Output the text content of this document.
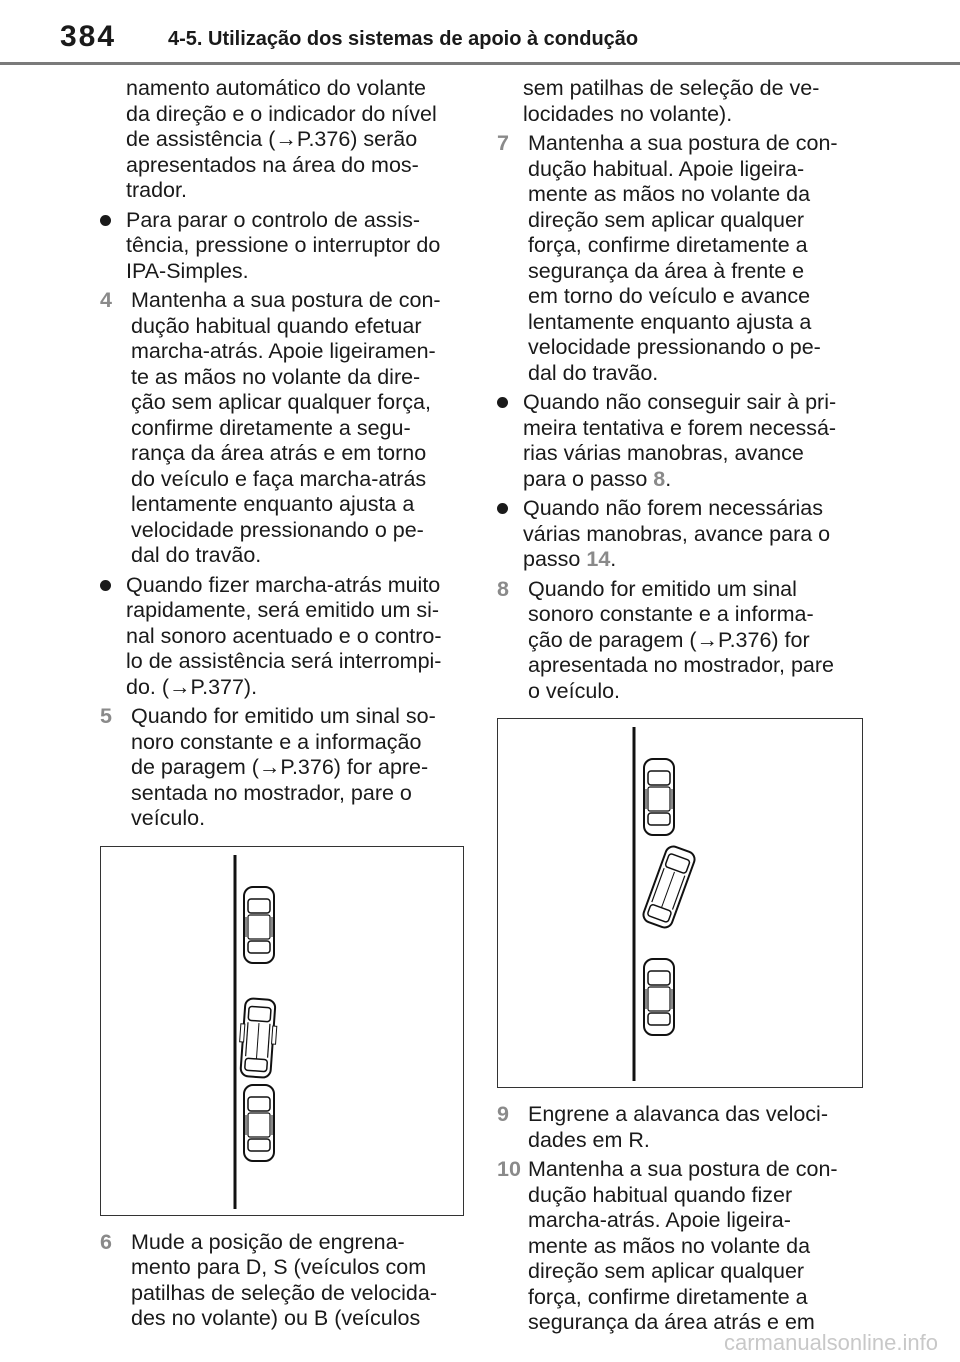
384	4-5. Utilização dos sistemas de apoio à condução
namento automático do volante
da direção e o indicador do nível
de assistência (→P.376) serão
apresentados na área do mos-
trador.
Para parar o controlo de assis-
tência, pressione o interruptor do
IPA-Simples.
4 Mantenha a sua postura de con-
dução habitual quando efetuar
marcha-atrás. Apoie ligeiramen-
te as mãos no volante da dire-
ção sem aplicar qualquer força,
confirme diretamente a segu-
rança da área atrás e em torno
do veículo e faça marcha-atrás
lentamente enquanto ajusta a
velocidade pressionando o pe-
dal do travão.
Quando fizer marcha-atrás muito
rapidamente, será emitido um si-
nal sonoro acentuado e o contro-
lo de assistência será interrompi-
do. (→P.377).
5 Quando for emitido um sinal so-
noro constante e a informação
de paragem (→P.376) for apre-
sentada no mostrador, pare o
veículo.
6 Mude a posição de engrena-
mento para D, S (veículos com
patilhas de seleção de velocida-
des no volante) ou B (veículos
sem patilhas de seleção de ve-
locidades no volante).
7 Mantenha a sua postura de con-
dução habitual. Apoie ligeira-
mente as mãos no volante da
direção sem aplicar qualquer
força, confirme diretamente a
segurança da área à frente e
em torno do veículo e avance
lentamente enquanto ajusta a
velocidade pressionando o pe-
dal do travão.
Quando não conseguir sair à pri-
meira tentativa e forem necessá-
rias várias manobras, avance
para o passo 8.
Quando não forem necessárias
várias manobras, avance para o
passo 14.
8 Quando for emitido um sinal
sonoro constante e a informa-
ção de paragem (→P.376) for
apresentada no mostrador, pare
o veículo.
9 Engrene a alavanca das veloci-
dades em R.
10 Mantenha a sua postura de con-
dução habitual quando fizer
marcha-atrás. Apoie ligeira-
mente as mãos no volante da
direção sem aplicar qualquer
força, confirme diretamente a
segurança da área atrás e em
carmanualsonline.info
